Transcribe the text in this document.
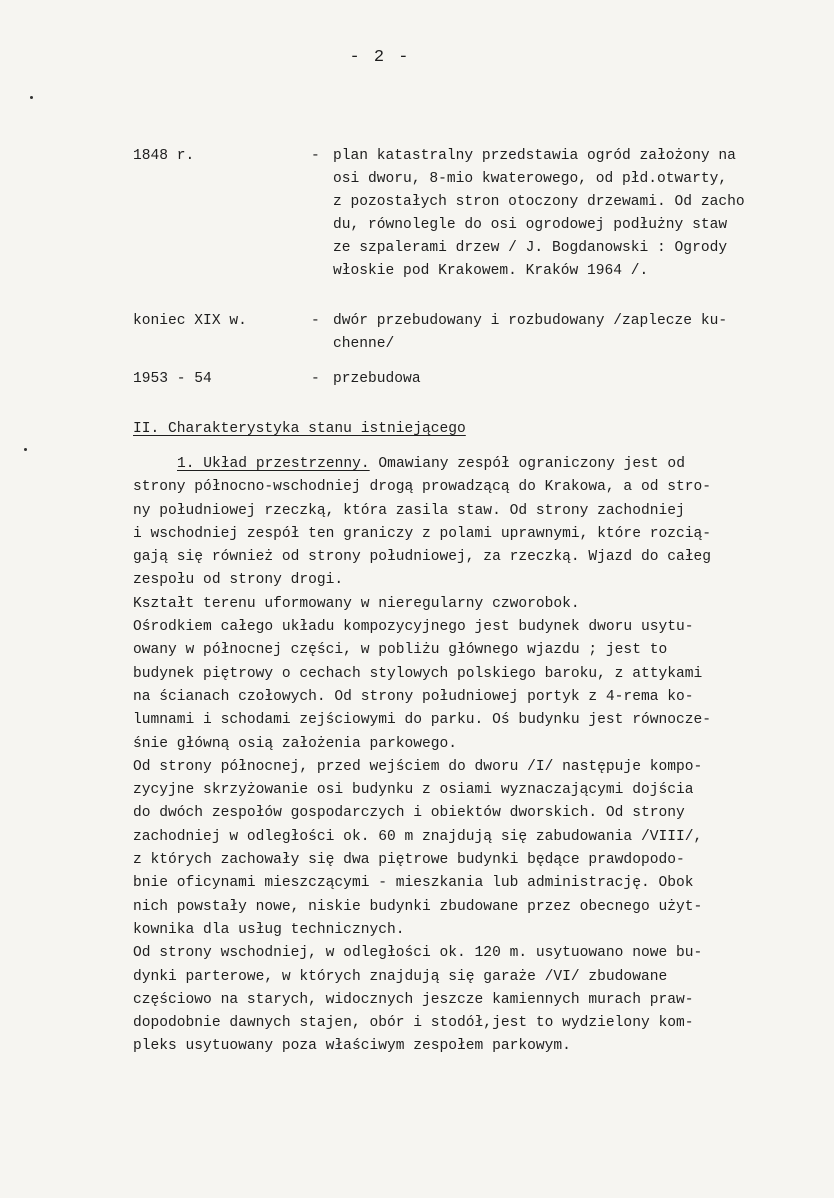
- 2 -
1848 r.	- plan katastralny przedstawia ogród założony na
osi dworu, 8-mio kwaterowego, od płd.otwarty,
z pozostałych stron otoczony drzewami. Od zacho
du, równolegle do osi ogrodowej podłużny staw
ze szpalerami drzew / J. Bogdanowski : Ogrody
włoskie pod Krakowem. Kraków 1964 /.
koniec XIX w.	- dwór przebudowany i rozbudowany /zaplecze ku-
chenne/
1953 - 54	- przebudowa
II. Charakterystyka stanu istniejącego
1. Układ przestrzenny. Omawiany zespół ograniczony jest od
strony północno-wschodniej drogą prowadzącą do Krakowa, a od stro-
ny południowej rzeczką, która zasila staw. Od strony zachodniej
i wschodniej zespół ten graniczy z polami uprawnymi, które rozcią-
gają się również od strony południowej, za rzeczką. Wjazd do całeg
zespołu od strony drogi.
Kształt terenu uformowany w nieregularny czworobok.
Ośrodkiem całego układu kompozycyjnego jest budynek dworu usytu-
owany w północnej części, w pobliżu głównego wjazdu ; jest to
budynek piętrowy o cechach stylowych polskiego baroku, z attykami
na ścianach czołowych. Od strony południowej portyk z 4-rema ko-
lumnami i schodami zejściowymi do parku. Oś budynku jest równocze-
śnie główną osią założenia parkowego.
Od strony północnej, przed wejściem do dworu /I/ następuje kompo-
zycyjne skrzyżowanie osi budynku z osiami wyznaczającymi dojścia
do dwóch zespołów gospodarczych i obiektów dworskich. Od strony
zachodniej w odległości ok. 60 m znajdują się zabudowania /VIII/,
z których zachowały się dwa piętrowe budynki będące prawdopodo-
bnie oficynami mieszczącymi - mieszkania lub administrację. Obok
nich powstały nowe, niskie budynki zbudowane przez obecnego użyt-
kownika dla usług technicznych.
Od strony wschodniej, w odległości ok. 120 m. usytuowano nowe bu-
dynki parterowe, w których znajdują się garaże /VI/ zbudowane
częściowo na starych, widocznych jeszcze kamiennych murach praw-
dopodobnie dawnych stajen, obór i stodół,jest to wydzielony kom-
pleks usytuowany poza właściwym zespołem parkowym.
